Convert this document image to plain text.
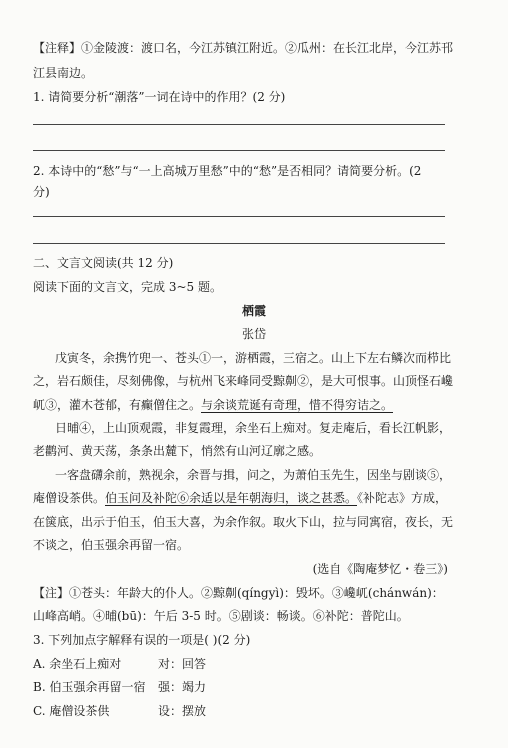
【注释】①金陵渡：渡口名，今江苏镇江附近。②瓜州：在长江北岸，今江苏邗
江县南边。
1. 请简要分析“潮落”一词在诗中的作用？(2 分)
2. 本诗中的“愁”与“一上高城万里愁”中的“愁”是否相同？请简要分析。(2
分)
二、文言文阅读(共 12 分)
阅读下面的文言文，完成 3~5 题。
栖霞
张岱
戊寅冬，余携竹兜一、苍头①一，游栖霞，三宿之。山上下左右鳞次而栉比
之，岩石颇佳，尽刻佛像，与杭州飞来峰同受黥劓②，是大可恨事。山顶怪石巉
屼③，灌木苍郁，有癫僧住之。与余谈荒诞有奇理，惜不得穷诘之。
日晡④，上山顶观霞，非复霞理，余坐石上痴对。复走庵后，看长江帆影，
老鹳河、黄天荡，条条出麓下，悄然有山河辽廓之感。
一客盘礴余前，熟视余，余晋与揖，问之，为萧伯玉先生，因坐与剧谈⑤，
庵僧设茶供。伯玉问及补陀⑥余适以是年朝海归，谈之甚悉。《补陀志》方成，
在箧底，出示于伯玉，伯玉大喜，为余作叙。取火下山，拉与同寓宿，夜长，无
不谈之，伯玉强余再留一宿。
(选自《陶庵梦忆・卷三》)
【注】①苍头：年龄大的仆人。②黥劓(qíngyì)：毁坏。③巉屼(chánwán)：
山峰高峭。④晡(bū)：午后 3-5 时。⑤剧谈：畅谈。⑥补陀：普陀山。
3. 下列加点字解释有误的一项是( )(2 分)
A. 余坐石上痴对	对：回答
B. 伯玉强余再留一宿 强：竭力
C. 庵僧设茶供	设：摆放
